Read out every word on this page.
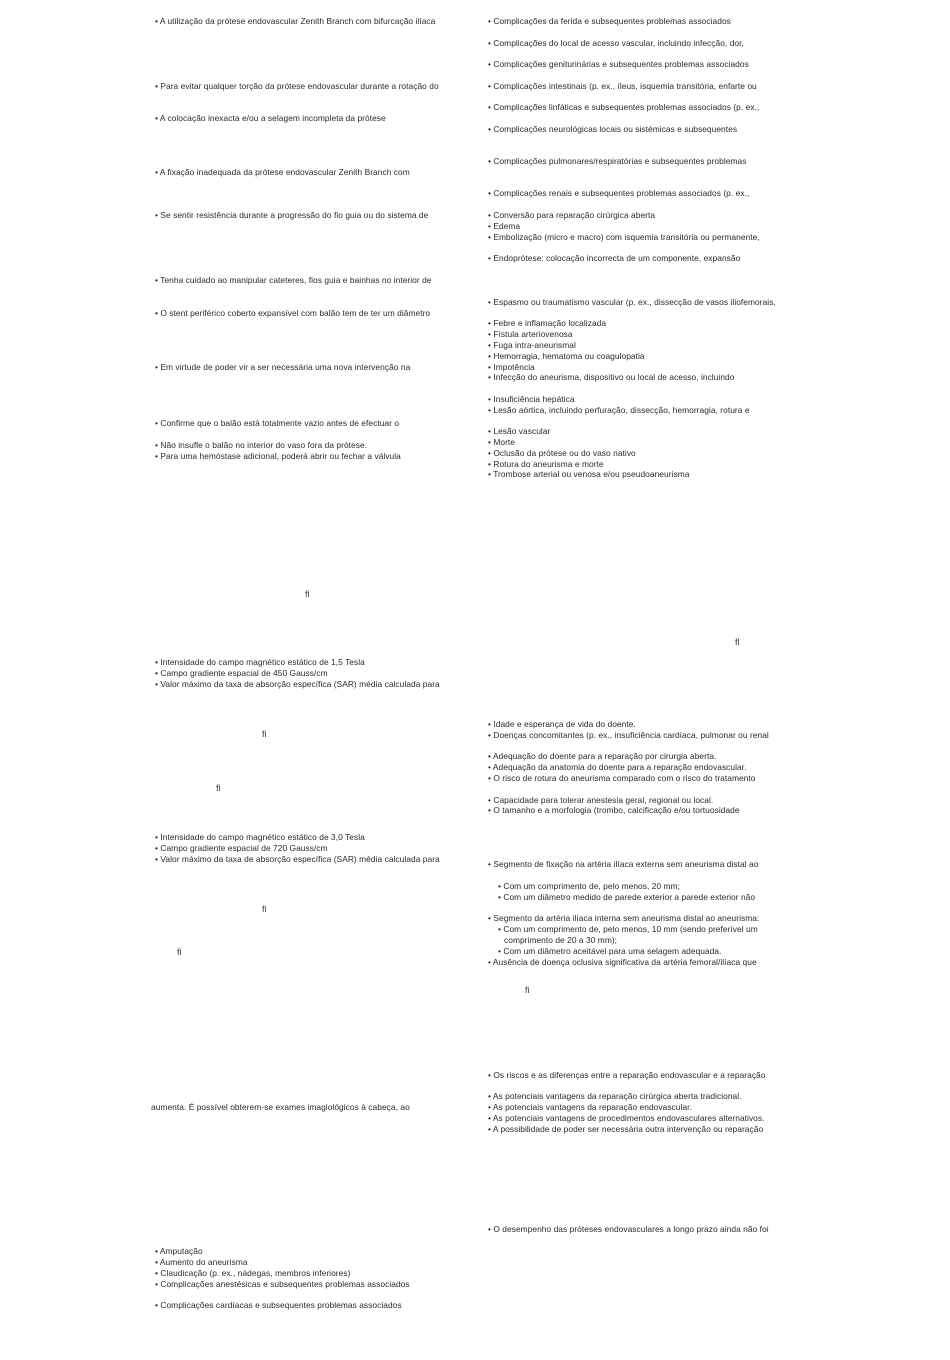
• A utilização da prótese endovascular Zenith Branch com bifurcação ilíaca
• Para evitar qualquer torção da prótese endovascular durante a rotação do
• A colocação inexacta e/ou a selagem incompleta da prótese
• A fixação inadequada da prótese endovascular Zenith Branch com
• Se sentir resistência durante a progressão do fio guia ou do sistema de
• Tenha cuidado ao manipular cateteres, fios guia e bainhas no interior de
• O stent periférico coberto expansível com balão tem de ter um diâmetro
• Em virtude de poder vir a ser necessária uma nova intervenção na
• Confirme que o balão está totalmente vazio antes de efectuar o
• Não insufle o balão no interior do vaso fora da prótese.
• Para uma hemóstase adicional, poderá abrir ou fechar a válvula
fi
• Intensidade do campo magnético estático de 1,5 Tesla
• Campo gradiente espacial de 450 Gauss/cm
• Valor máximo da taxa de absorção específica (SAR) média calculada para
fi
fi
• Intensidade do campo magnético estático de 3,0 Tesla
• Campo gradiente espacial de 720 Gauss/cm
• Valor máximo da taxa de absorção específica (SAR) média calculada para
fi
fi
aumenta. É possível obterem-se exames imagiológicos à cabeça, ao
• Amputação
• Aumento do aneurisma
• Claudicação (p. ex., nádegas, membros inferiores)
• Complicações anestésicas e subsequentes problemas associados
• Complicações cardíacas e subsequentes problemas associados
• Complicações da ferida e subsequentes problemas associados
• Complicações do local de acesso vascular, incluindo infecção, dor,
• Complicações geniturinárias e subsequentes problemas associados
• Complicações intestinais (p. ex., íleus, isquemia transitória, enfarte ou
• Complicações linfáticas e subsequentes problemas associados (p. ex.,
• Complicações neurológicas locais ou sistémicas e subsequentes
• Complicações pulmonares/respiratórias e subsequentes problemas
• Complicações renais e subsequentes problemas associados (p. ex.,
• Conversão para reparação cirúrgica aberta
• Edema
• Embolização (micro e macro) com isquemia transitória ou permanente,
• Endoprótese: colocação incorrecta de um componente, expansão
• Espasmo ou traumatismo vascular (p. ex., dissecção de vasos iliofemorais,
• Febre e inflamação localizada
• Fístula arteriovenosa
• Fuga intra-aneurismal
• Hemorragia, hematoma ou coagulopatia
• Impotência
• Infecção do aneurisma, dispositivo ou local de acesso, incluindo
• Insuficiência hepática
• Lesão aórtica, incluindo perfuração, dissecção, hemorragia, rotura e
• Lesão vascular
• Morte
• Oclusão da prótese ou do vaso nativo
• Rotura do aneurisma e morte
• Trombose arterial ou venosa e/ou pseudoaneurisma
fl
• Idade e esperança de vida do doente.
• Doenças concomitantes (p. ex., insuficiência cardíaca, pulmonar ou renal
• Adequação do doente para a reparação por cirurgia aberta.
• Adequação da anatomia do doente para a reparação endovascular.
• O risco de rotura do aneurisma comparado com o risco do tratamento
• Capacidade para tolerar anestesia geral, regional ou local.
• O tamanho e a morfologia (trombo, calcificação e/ou tortuosidade
• Segmento de fixação na artéria ilíaca externa sem aneurisma distal ao
• Com um comprimento de, pelo menos, 20 mm;
• Com um diâmetro medido de parede exterior a parede exterior não
• Segmento da artéria ilíaca interna sem aneurisma distal ao aneurisma:
• Com um comprimento de, pelo menos, 10 mm (sendo preferível um
comprimento de 20 a 30 mm);
• Com um diâmetro aceitável para uma selagem adequada.
• Ausência de doença oclusiva significativa da artéria femoral/ilíaca que
fi
• Os riscos e as diferenças entre a reparação endovascular e a reparação
• As potenciais vantagens da reparação cirúrgica aberta tradicional.
• As potenciais vantagens da reparação endovascular.
• As potenciais vantagens de procedimentos endovasculares alternativos.
• A possibilidade de poder ser necessária outra intervenção ou reparação
• O desempenho das próteses endovasculares a longo prazo ainda não foi
